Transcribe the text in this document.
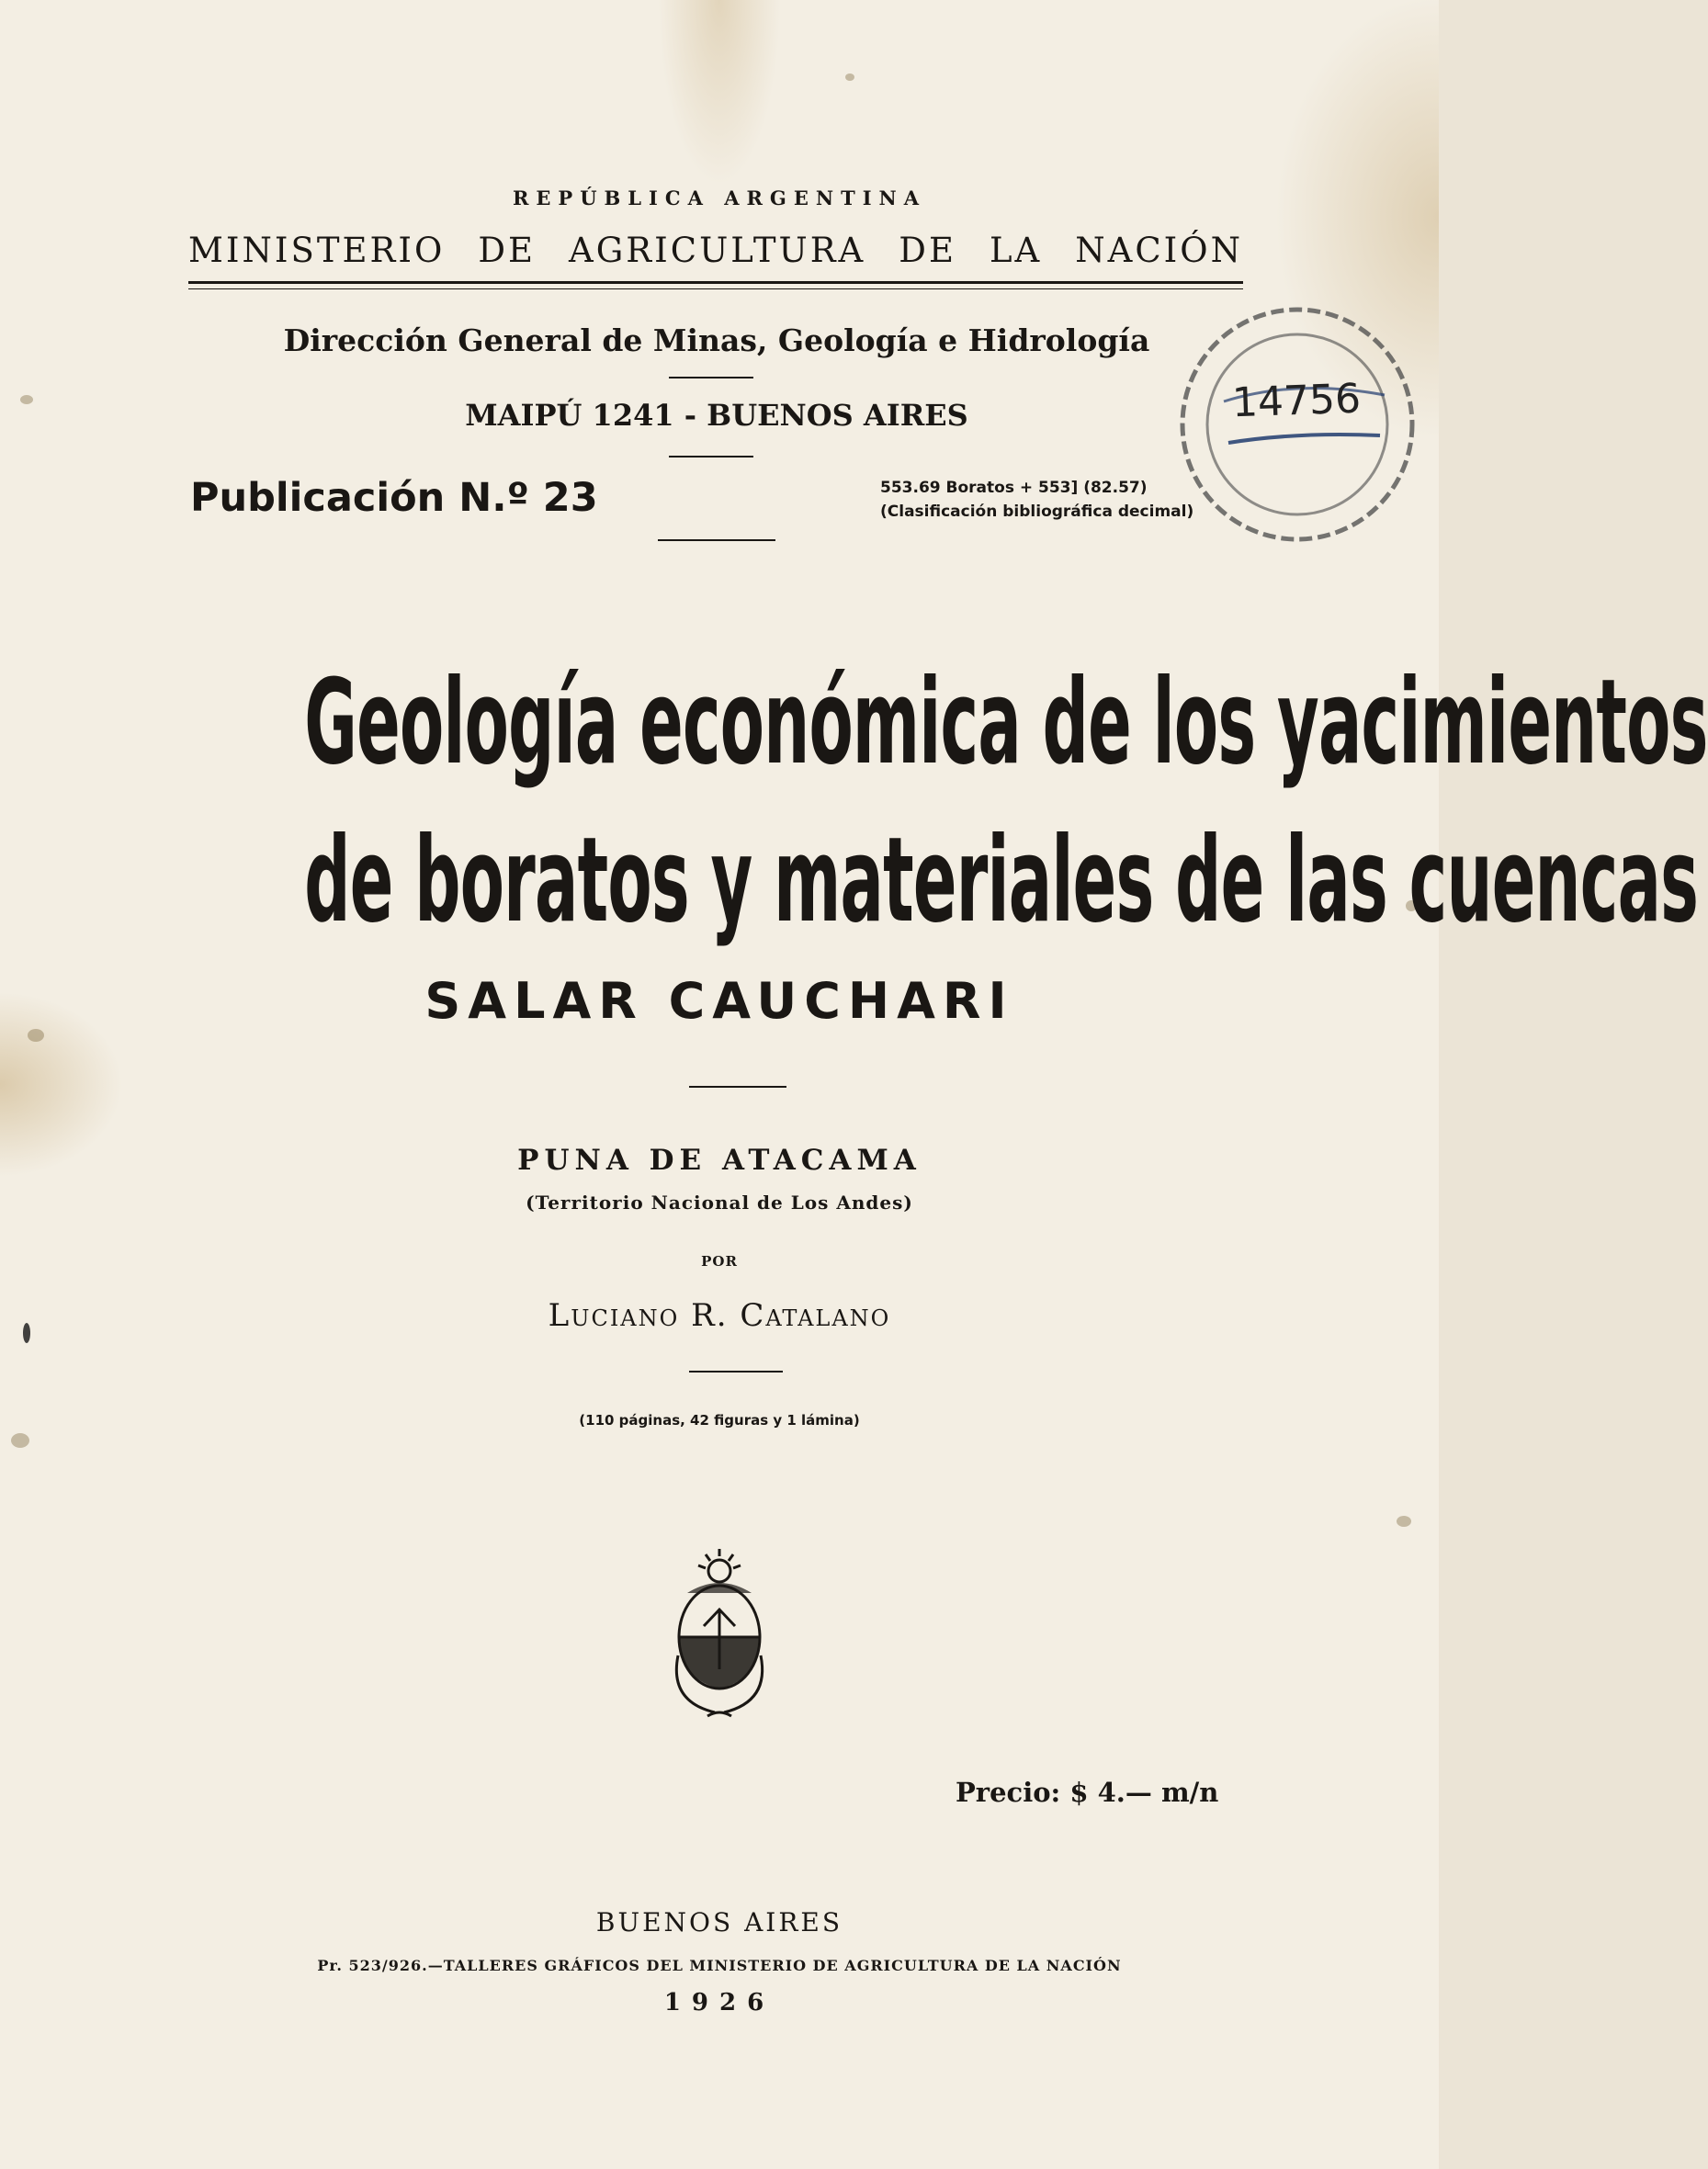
REPÚBLICA ARGENTINA
MINISTERIO DE AGRICULTURA DE LA NACIÓN
Dirección General de Minas, Geología e Hidrología
MAIPÚ 1241 - BUENOS AIRES
Publicación N.º 23	553.69 Boratos + 553] (82.57)
(Clasificación bibliográfica decimal)
14756
Geología económica de los yacimientos
de boratos y materiales de las cuencas
SALAR CAUCHARI
PUNA DE ATACAMA
(Territorio Nacional de Los Andes)
POR
Luciano R. Catalano
(110 páginas, 42 figuras y 1 lámina)
Precio: $ 4.— m/n
BUENOS AIRES
Pr. 523/926.—TALLERES GRÁFICOS DEL MINISTERIO DE AGRICULTURA DE LA NACIÓN
1926
